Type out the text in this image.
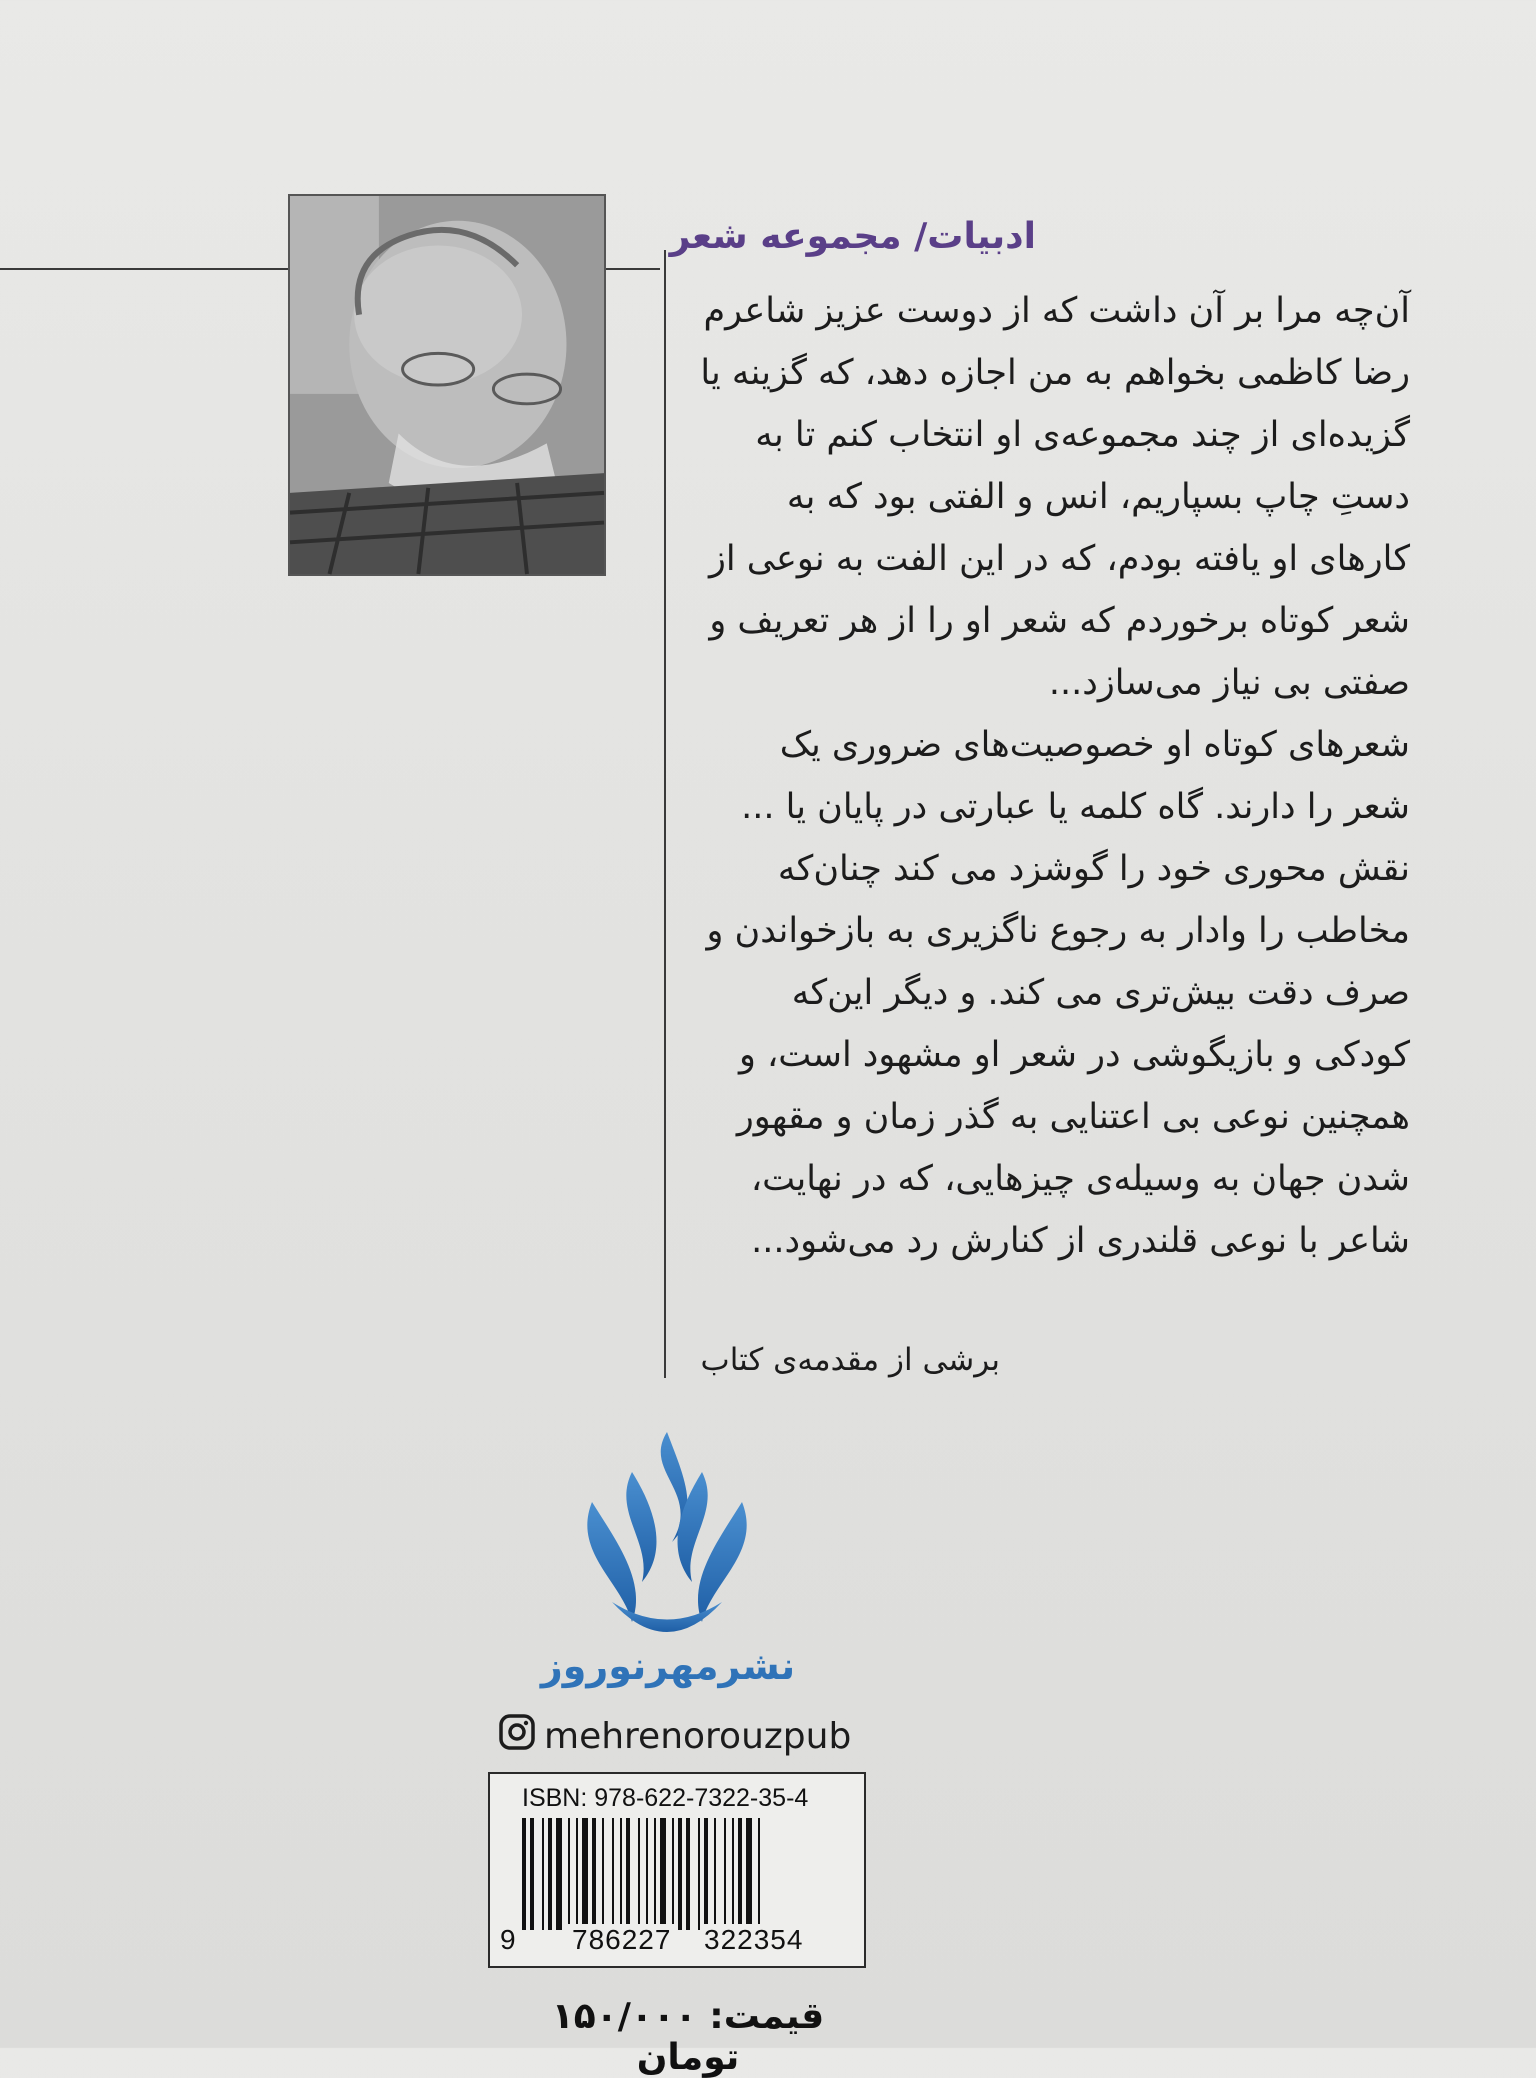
ادبیات/ مجموعه شعر
آن‌چه مرا بر آن داشت که از دوست عزیز شاعرم
رضا کاظمی بخواهم به من اجازه دهد، که گزینه یا
گزیده‌ای از چند مجموعه‌ی او انتخاب کنم تا به
دستِ چاپ بسپاریم، انس و الفتی بود که به
کارهای او یافته بودم، که در این الفت به نوعی از
شعر کوتاه برخوردم که شعر او را از هر تعریف و
صفتی بی نیاز می‌سازد...
شعرهای کوتاه او خصوصیت‌های ضروری یک
شعر را دارند. گاه کلمه یا عبارتی در پایان یا ...
نقش محوری خود را گوشزد می کند چنان‌که
مخاطب را وادار به رجوع ناگزیری به بازخواندن و
صرف دقت بیش‌تری می کند. و دیگر این‌که
کودکی و بازیگوشی در شعر او مشهود است، و
همچنین نوعی بی اعتنایی به گذر زمان و مقهور
شدن جهان به وسیله‌ی چیزهایی، که در نهایت،
شاعر با نوعی قلندری از کنارش رد می‌شود...
برشی از مقدمه‌ی کتاب
نشرمهرنوروز
mehrenorouzpub
ISBN: 978-622-7322-35-4
9 786227 322354
قیمت: ۱۵۰/۰۰۰ تومان
